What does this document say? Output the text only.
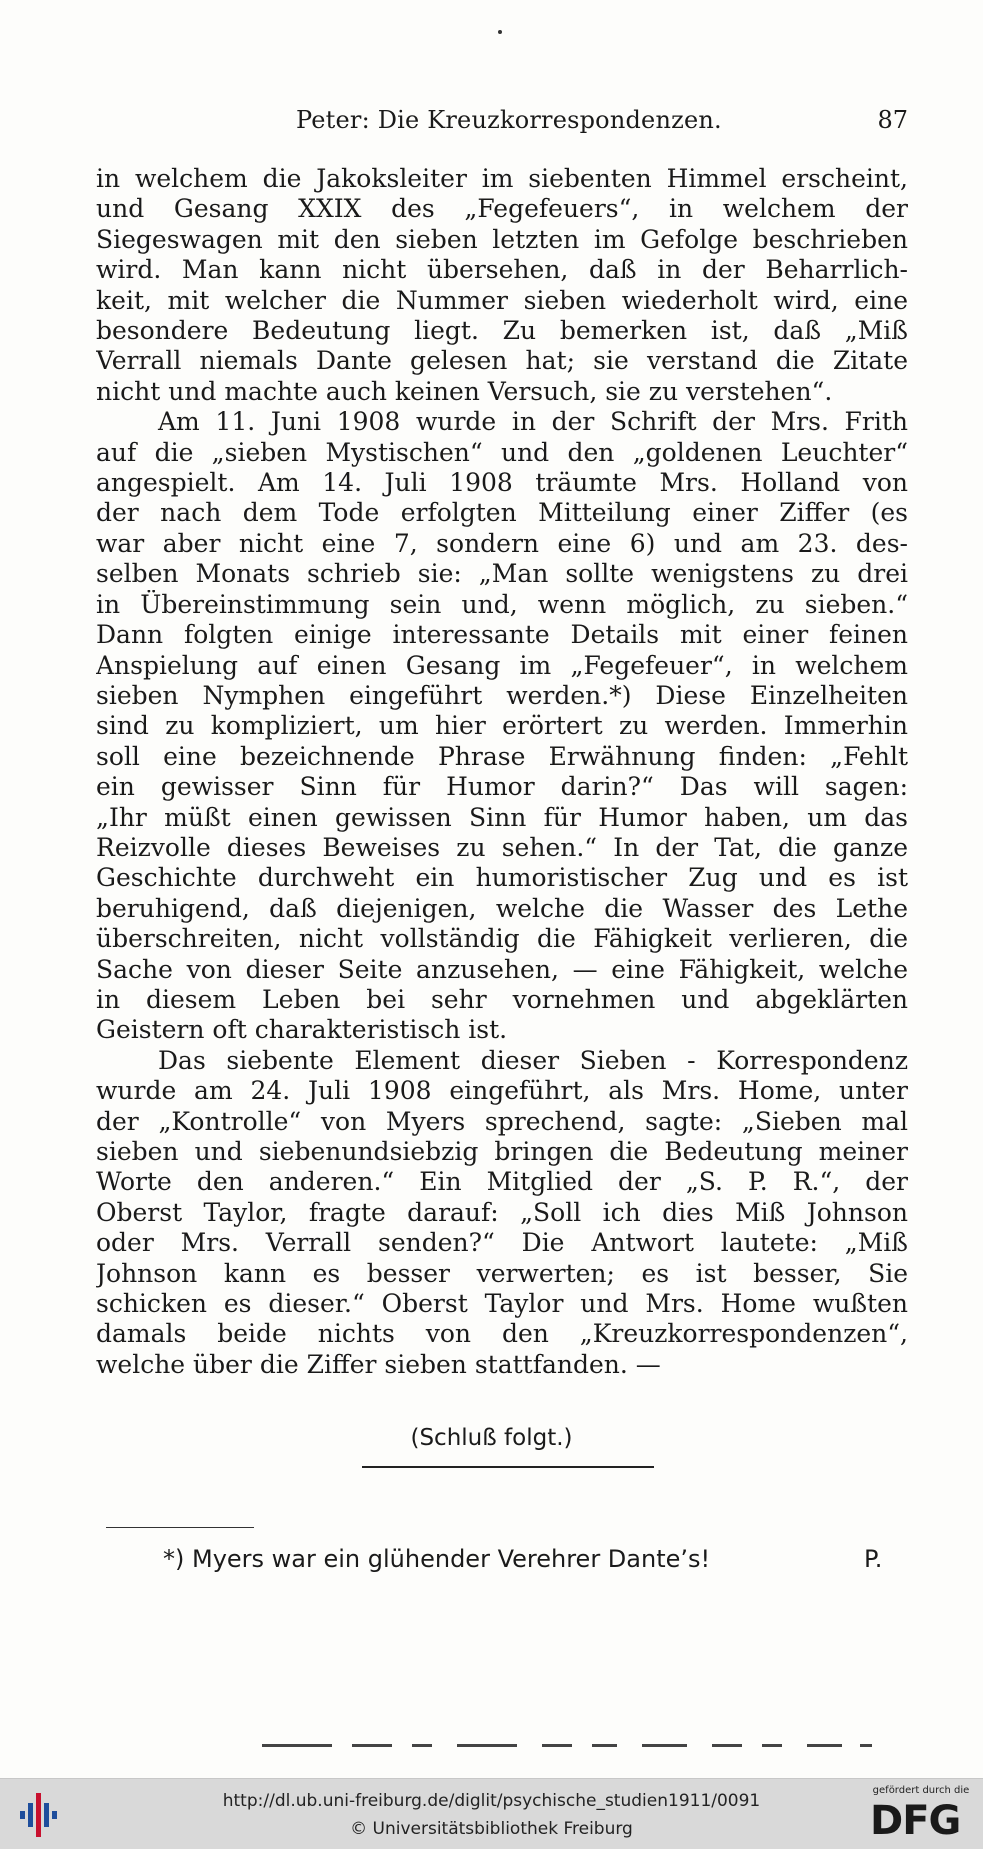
Peter: Die Kreuzkorrespondenzen.	87

in welchem die Jakoksleiter im siebenten Himmel erscheint,
und Gesang XXIX des „Fegefeuers“, in welchem der
Siegeswagen mit den sieben letzten im Gefolge beschrieben
wird. Man kann nicht übersehen, daß in der Beharrlich-
keit, mit welcher die Nummer sieben wiederholt wird, eine
besondere Bedeutung liegt. Zu bemerken ist, daß „Miß
Verrall niemals Dante gelesen hat; sie verstand die Zitate
nicht und machte auch keinen Versuch, sie zu verstehen“.

Am 11. Juni 1908 wurde in der Schrift der Mrs. Frith
auf die „sieben Mystischen“ und den „goldenen Leuchter“
angespielt. Am 14. Juli 1908 träumte Mrs. Holland von
der nach dem Tode erfolgten Mitteilung einer Ziffer (es
war aber nicht eine 7, sondern eine 6) und am 23. des-
selben Monats schrieb sie: „Man sollte wenigstens zu drei
in Übereinstimmung sein und, wenn möglich, zu sieben.“
Dann folgten einige interessante Details mit einer feinen
Anspielung auf einen Gesang im „Fegefeuer“, in welchem
sieben Nymphen eingeführt werden.*) Diese Einzelheiten
sind zu kompliziert, um hier erörtert zu werden. Immerhin
soll eine bezeichnende Phrase Erwähnung finden: „Fehlt
ein gewisser Sinn für Humor darin?“ Das will sagen:
„Ihr müßt einen gewissen Sinn für Humor haben, um das
Reizvolle dieses Beweises zu sehen.“ In der Tat, die ganze
Geschichte durchweht ein humoristischer Zug und es ist
beruhigend, daß diejenigen, welche die Wasser des Lethe
überschreiten, nicht vollständig die Fähigkeit verlieren, die
Sache von dieser Seite anzusehen, — eine Fähigkeit, welche
in diesem Leben bei sehr vornehmen und abgeklärten
Geistern oft charakteristisch ist.

Das siebente Element dieser Sieben - Korrespondenz
wurde am 24. Juli 1908 eingeführt, als Mrs. Home, unter
der „Kontrolle“ von Myers sprechend, sagte: „Sieben mal
sieben und siebenundsiebzig bringen die Bedeutung meiner
Worte den anderen.“ Ein Mitglied der „S. P. R.“, der
Oberst Taylor, fragte darauf: „Soll ich dies Miß Johnson
oder Mrs. Verrall senden?“ Die Antwort lautete: „Miß
Johnson kann es besser verwerten; es ist besser, Sie
schicken es dieser.“ Oberst Taylor und Mrs. Home wußten
damals beide nichts von den „Kreuzkorrespondenzen“,
welche über die Ziffer sieben stattfanden. —

(Schluß folgt.)
*) Myers war ein glühender Verehrer Dante’s!	P.
http://dl.ub.uni-freiburg.de/diglit/psychische_studien1911/0091
© Universitätsbibliothek Freiburg
gefördert durch die
DFG
